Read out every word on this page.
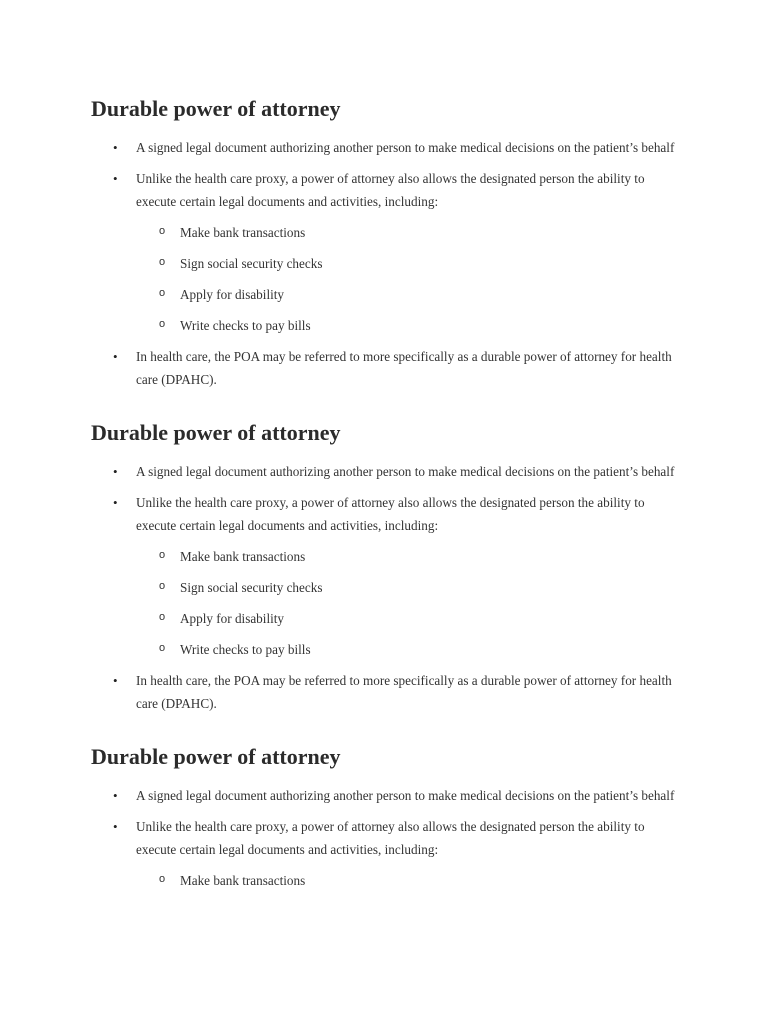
Durable power of attorney
• A signed legal document authorizing another person to make medical decisions on the patient’s behalf
• Unlike the health care proxy, a power of attorney also allows the designated person the ability to execute certain legal documents and activities, including:
o Make bank transactions
o Sign social security checks
o Apply for disability
o Write checks to pay bills
• In health care, the POA may be referred to more specifically as a durable power of attorney for health care (DPAHC).
Durable power of attorney
• A signed legal document authorizing another person to make medical decisions on the patient’s behalf
• Unlike the health care proxy, a power of attorney also allows the designated person the ability to execute certain legal documents and activities, including:
o Make bank transactions
o Sign social security checks
o Apply for disability
o Write checks to pay bills
• In health care, the POA may be referred to more specifically as a durable power of attorney for health care (DPAHC).
Durable power of attorney
• A signed legal document authorizing another person to make medical decisions on the patient’s behalf
• Unlike the health care proxy, a power of attorney also allows the designated person the ability to execute certain legal documents and activities, including:
o Make bank transactions
